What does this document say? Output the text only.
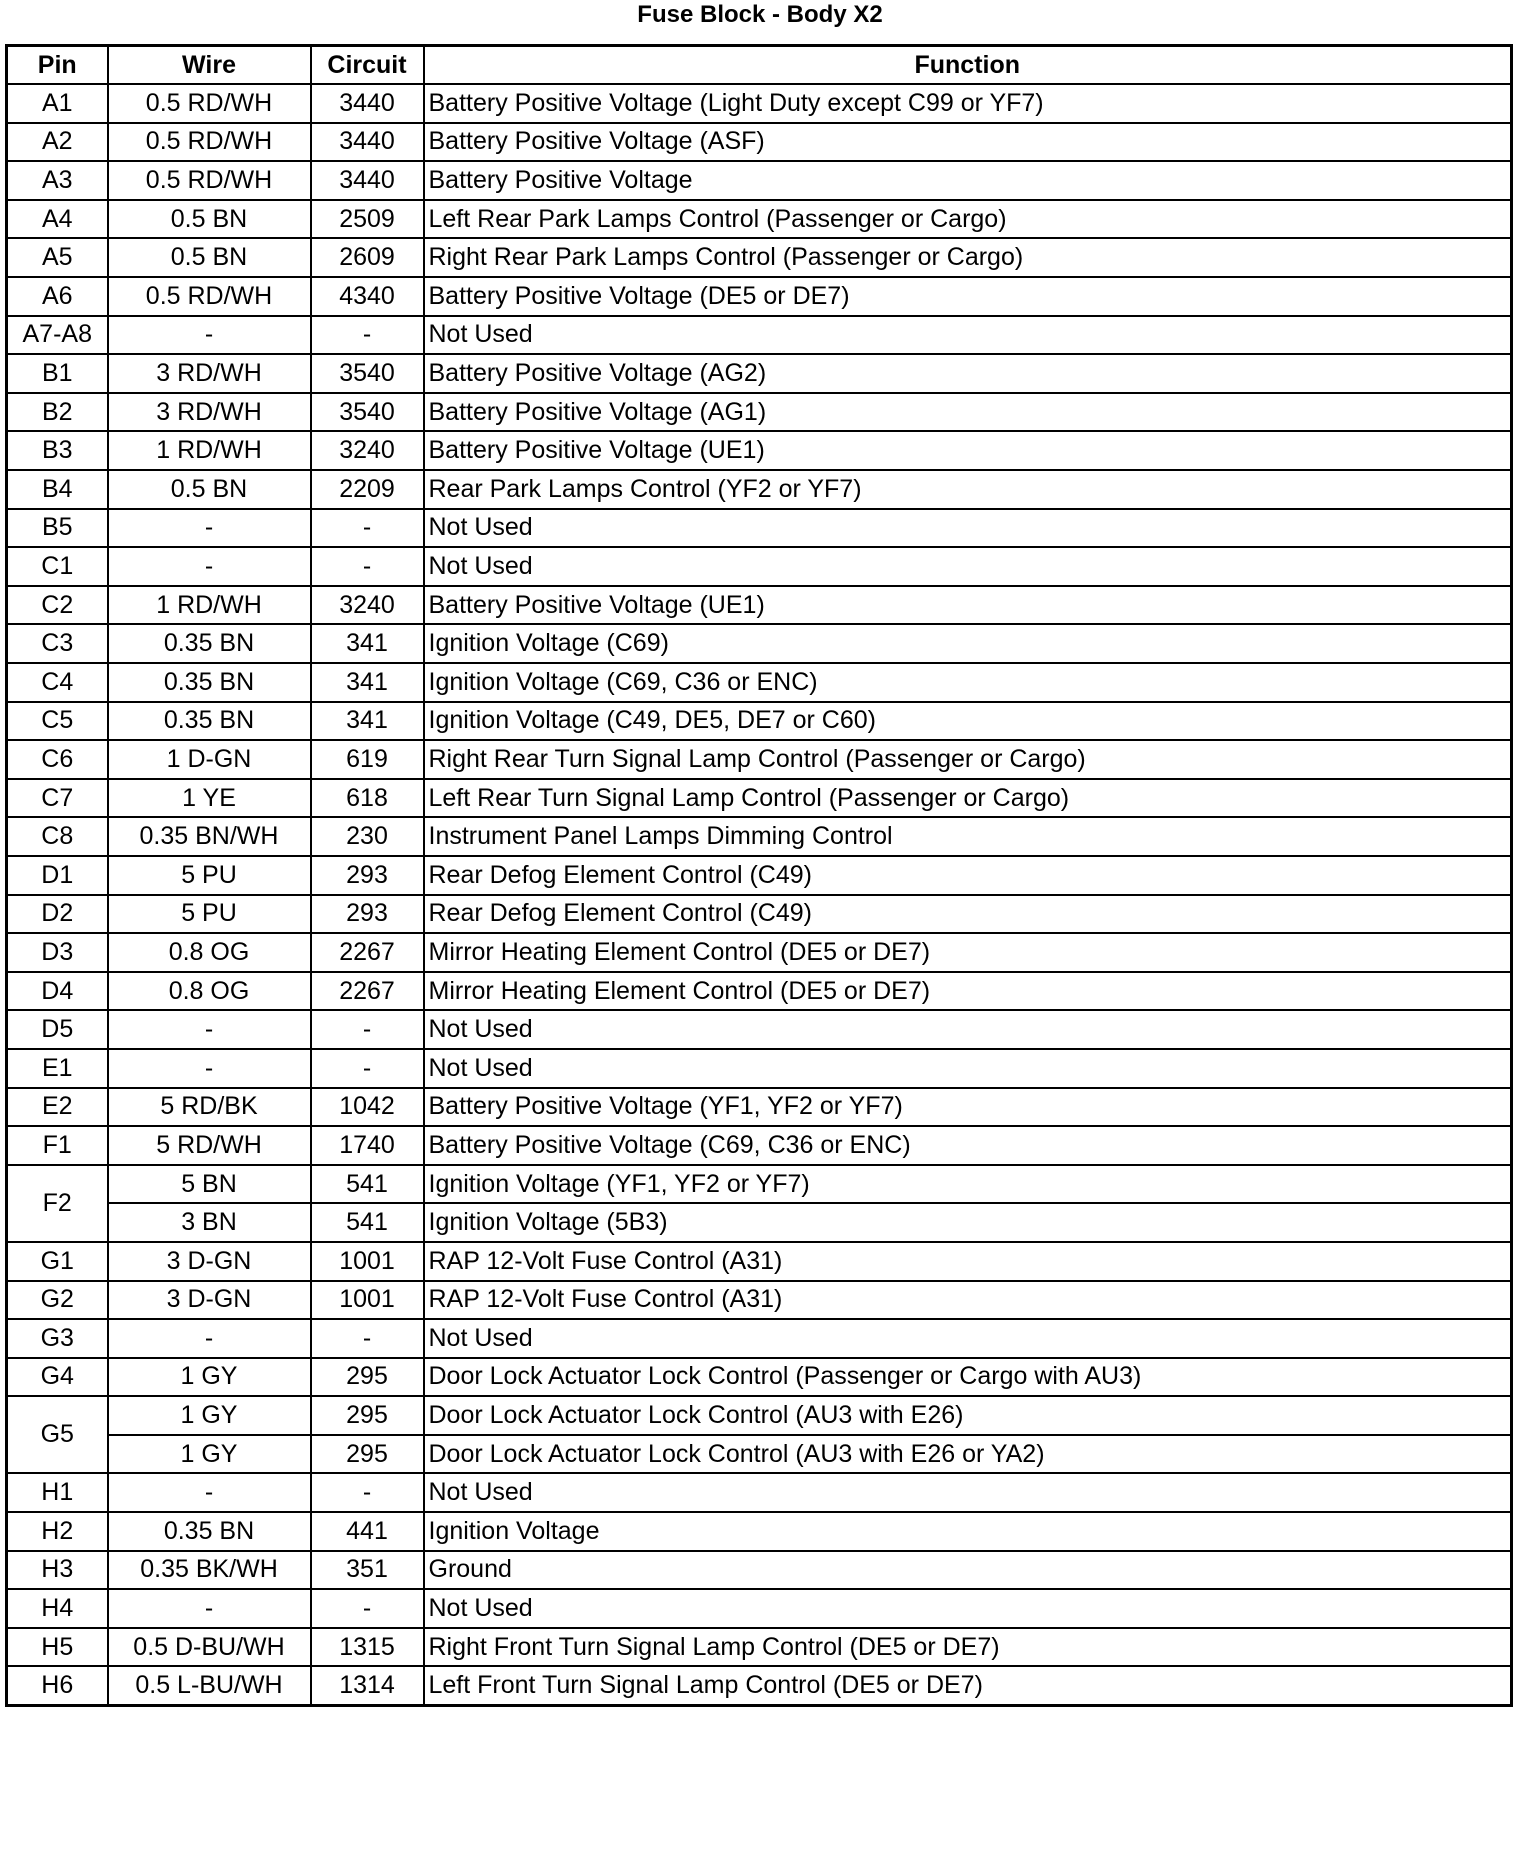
Fuse Block - Body X2
Pin	Wire	Circuit	Function
A1	0.5 RD/WH	3440	Battery Positive Voltage (Light Duty except C99 or YF7)
A2	0.5 RD/WH	3440	Battery Positive Voltage (ASF)
A3	0.5 RD/WH	3440	Battery Positive Voltage
A4	0.5 BN	2509	Left Rear Park Lamps Control (Passenger or Cargo)
A5	0.5 BN	2609	Right Rear Park Lamps Control (Passenger or Cargo)
A6	0.5 RD/WH	4340	Battery Positive Voltage (DE5 or DE7)
A7-A8	-	-	Not Used
B1	3 RD/WH	3540	Battery Positive Voltage (AG2)
B2	3 RD/WH	3540	Battery Positive Voltage (AG1)
B3	1 RD/WH	3240	Battery Positive Voltage (UE1)
B4	0.5 BN	2209	Rear Park Lamps Control (YF2 or YF7)
B5	-	-	Not Used
C1	-	-	Not Used
C2	1 RD/WH	3240	Battery Positive Voltage (UE1)
C3	0.35 BN	341	Ignition Voltage (C69)
C4	0.35 BN	341	Ignition Voltage (C69, C36 or ENC)
C5	0.35 BN	341	Ignition Voltage (C49, DE5, DE7 or C60)
C6	1 D-GN	619	Right Rear Turn Signal Lamp Control (Passenger or Cargo)
C7	1 YE	618	Left Rear Turn Signal Lamp Control (Passenger or Cargo)
C8	0.35 BN/WH	230	Instrument Panel Lamps Dimming Control
D1	5 PU	293	Rear Defog Element Control (C49)
D2	5 PU	293	Rear Defog Element Control (C49)
D3	0.8 OG	2267	Mirror Heating Element Control (DE5 or DE7)
D4	0.8 OG	2267	Mirror Heating Element Control (DE5 or DE7)
D5	-	-	Not Used
E1	-	-	Not Used
E2	5 RD/BK	1042	Battery Positive Voltage (YF1, YF2 or YF7)
F1	5 RD/WH	1740	Battery Positive Voltage (C69, C36 or ENC)
F2	5 BN	541	Ignition Voltage (YF1, YF2 or YF7)
	3 BN	541	Ignition Voltage (5B3)
G1	3 D-GN	1001	RAP 12-Volt Fuse Control (A31)
G2	3 D-GN	1001	RAP 12-Volt Fuse Control (A31)
G3	-	-	Not Used
G4	1 GY	295	Door Lock Actuator Lock Control (Passenger or Cargo with AU3)
G5	1 GY	295	Door Lock Actuator Lock Control (AU3 with E26)
	1 GY	295	Door Lock Actuator Lock Control (AU3 with E26 or YA2)
H1	-	-	Not Used
H2	0.35 BN	441	Ignition Voltage
H3	0.35 BK/WH	351	Ground
H4	-	-	Not Used
H5	0.5 D-BU/WH	1315	Right Front Turn Signal Lamp Control (DE5 or DE7)
H6	0.5 L-BU/WH	1314	Left Front Turn Signal Lamp Control (DE5 or DE7)
